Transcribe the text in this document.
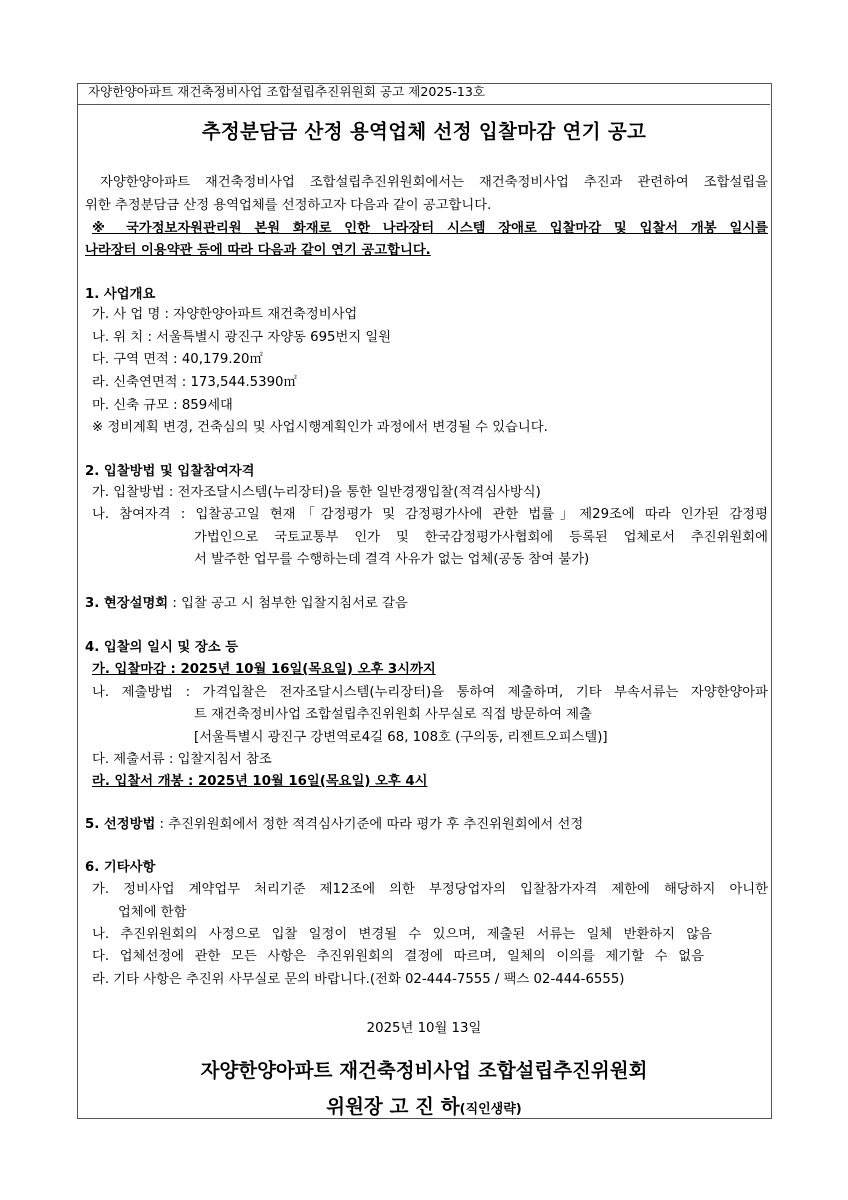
자양한양아파트 재건축정비사업 조합설립추진위원회 공고 제2025-13호
추정분담금 산정 용역업체 선정 입찰마감 연기 공고
자양한양아파트 재건축정비사업 조합설립추진위원회에서는 재건축정비사업 추진과 관련하여 조합설립을
위한 추정분담금 산정 용역업체를 선정하고자 다음과 같이 공고합니다.
※ 국가정보자원관리원 본원 화재로 인한 나라장터 시스템 장애로 입찰마감 및 입찰서 개봉 일시를
나라장터 이용약관 등에 따라 다음과 같이 연기 공고합니다.
1. 사업개요
가. 사 업 명 : 자양한양아파트 재건축정비사업
나. 위 치 : 서울특별시 광진구 자양동 695번지 일원
다. 구역 면적 : 40,179.20㎡
라. 신축연면적 : 173,544.5390㎡
마. 신축 규모 : 859세대
※ 정비계획 변경, 건축심의 및 사업시행계획인가 과정에서 변경될 수 있습니다.
2. 입찰방법 및 입찰참여자격
가. 입찰방법 : 전자조달시스템(누리장터)을 통한 일반경쟁입찰(적격심사방식)
나. 참여자격 : 입찰공고일 현재「감정평가 및 감정평가사에 관한 법률」제29조에 따라 인가된 감정평
가법인으로 국토교통부 인가 및 한국감정평가사협회에 등록된 업체로서 추진위원회에
서 발주한 업무를 수행하는데 결격 사유가 없는 업체(공동 참여 불가)
3. 현장설명회 : 입찰 공고 시 첨부한 입찰지침서로 갈음
4. 입찰의 일시 및 장소 등
가. 입찰마감 : 2025년 10월 16일(목요일) 오후 3시까지
나. 제출방법 : 가격입찰은 전자조달시스템(누리장터)을 통하여 제출하며, 기타 부속서류는 자양한양아파
트 재건축정비사업 조합설립추진위원회 사무실로 직접 방문하여 제출
[서울특별시 광진구 강변역로4길 68, 108호 (구의동, 리젠트오피스텔)]
다. 제출서류 : 입찰지침서 참조
라. 입찰서 개봉 : 2025년 10월 16일(목요일) 오후 4시
5. 선정방법 : 추진위원회에서 정한 적격심사기준에 따라 평가 후 추진위원회에서 선정
6. 기타사항
가. 정비사업 계약업무 처리기준 제12조에 의한 부정당업자의 입찰참가자격 제한에 해당하지 아니한
업체에 한함
나. 추진위원회의 사정으로 입찰 일정이 변경될 수 있으며, 제출된 서류는 일체 반환하지 않음
다. 업체선정에 관한 모든 사항은 추진위원회의 결정에 따르며, 일체의 이의를 제기할 수 없음
라. 기타 사항은 추진위 사무실로 문의 바랍니다.(전화 02-444-7555 / 팩스 02-444-6555)
2025년 10월 13일
자양한양아파트 재건축정비사업 조합설립추진위원회
위원장 고 진 하(직인생략)
